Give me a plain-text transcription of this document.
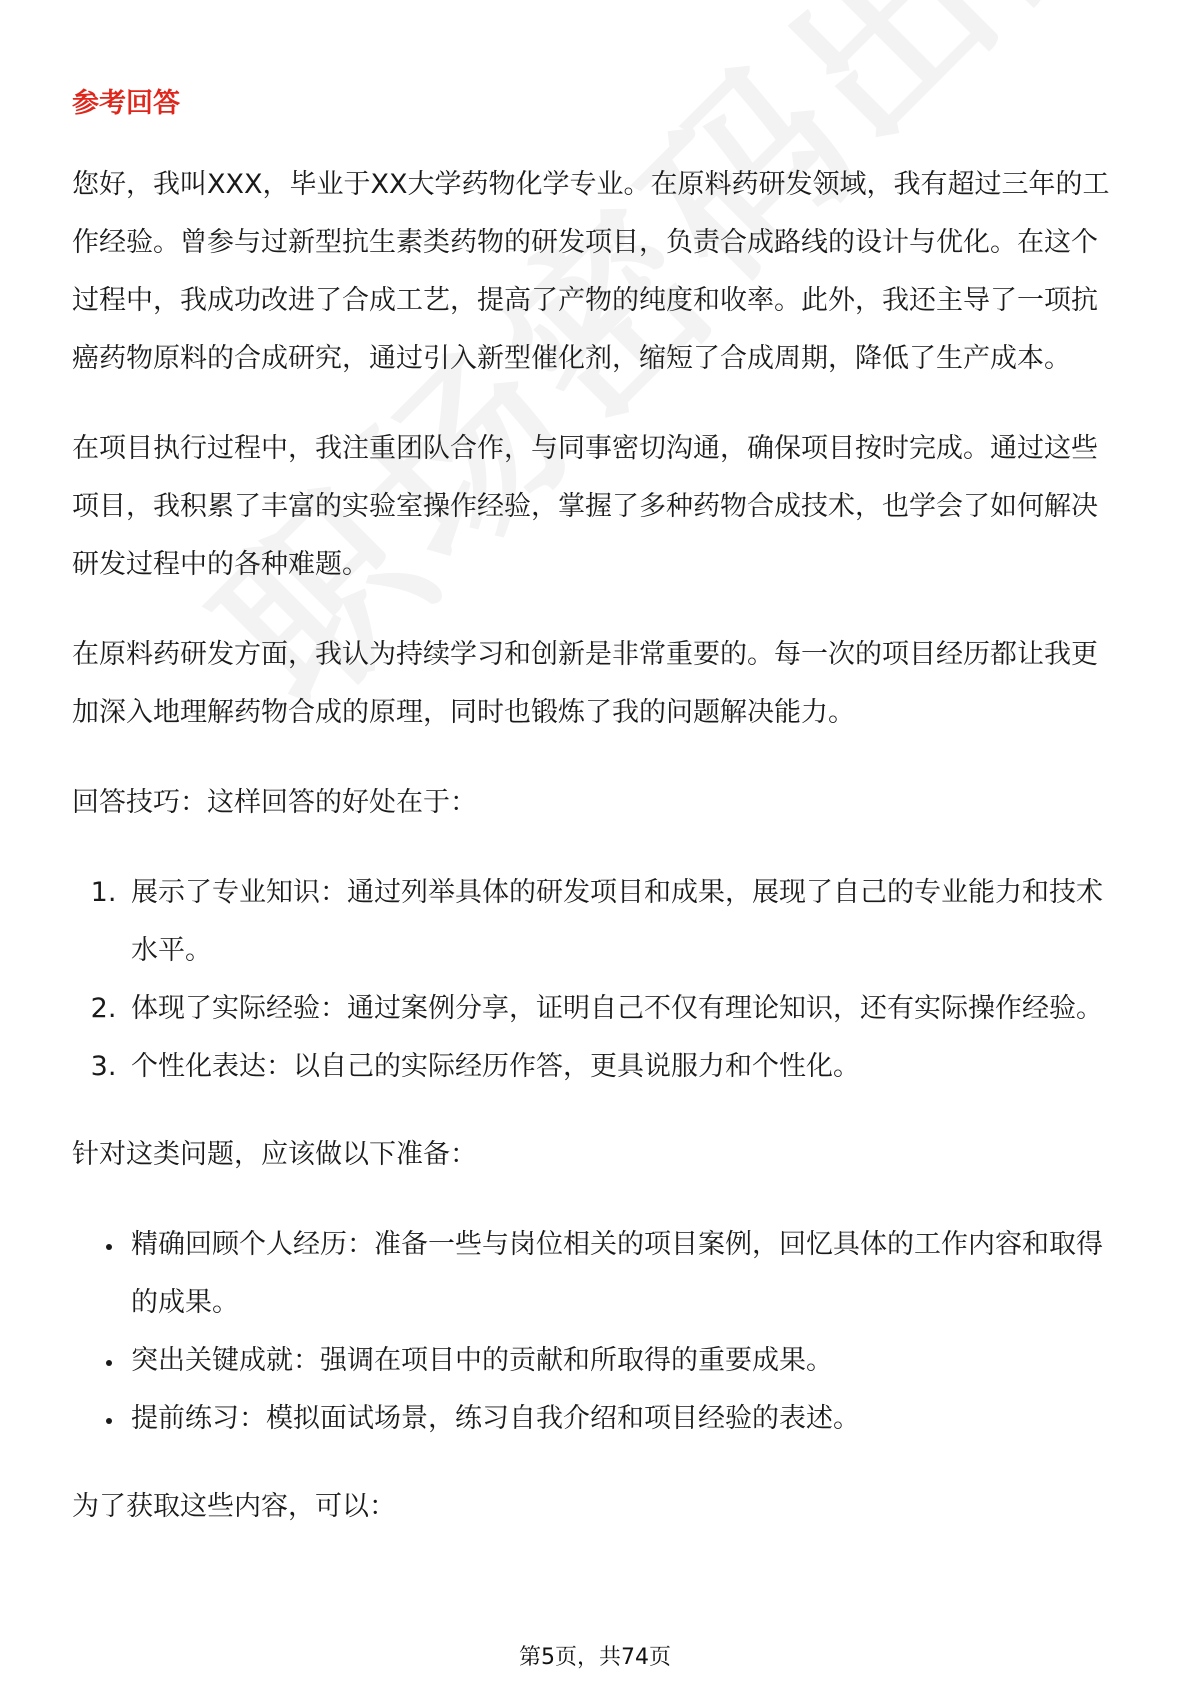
参考回答

您好，我叫XXX，毕业于XX大学药物化学专业。在原料药研发领域，我有超过三年的工作经验。曾参与过新型抗生素类药物的研发项目，负责合成路线的设计与优化。在这个过程中，我成功改进了合成工艺，提高了产物的纯度和收率。此外，我还主导了一项抗癌药物原料的合成研究，通过引入新型催化剂，缩短了合成周期，降低了生产成本。

在项目执行过程中，我注重团队合作，与同事密切沟通，确保项目按时完成。通过这些项目，我积累了丰富的实验室操作经验，掌握了多种药物合成技术，也学会了如何解决研发过程中的各种难题。

在原料药研发方面，我认为持续学习和创新是非常重要的。每一次的项目经历都让我更加深入地理解药物合成的原理，同时也锻炼了我的问题解决能力。

回答技巧：这样回答的好处在于：

1. 展示了专业知识：通过列举具体的研发项目和成果，展现了自己的专业能力和技术水平。
2. 体现了实际经验：通过案例分享，证明自己不仅有理论知识，还有实际操作经验。
3. 个性化表达：以自己的实际经历作答，更具说服力和个性化。

针对这类问题，应该做以下准备：

• 精确回顾个人经历：准备一些与岗位相关的项目案例，回忆具体的工作内容和取得的成果。
• 突出关键成就：强调在项目中的贡献和所取得的重要成果。
• 提前练习：模拟面试场景，练习自我介绍和项目经验的表述。

为了获取这些内容，可以：

第5页，共74页
